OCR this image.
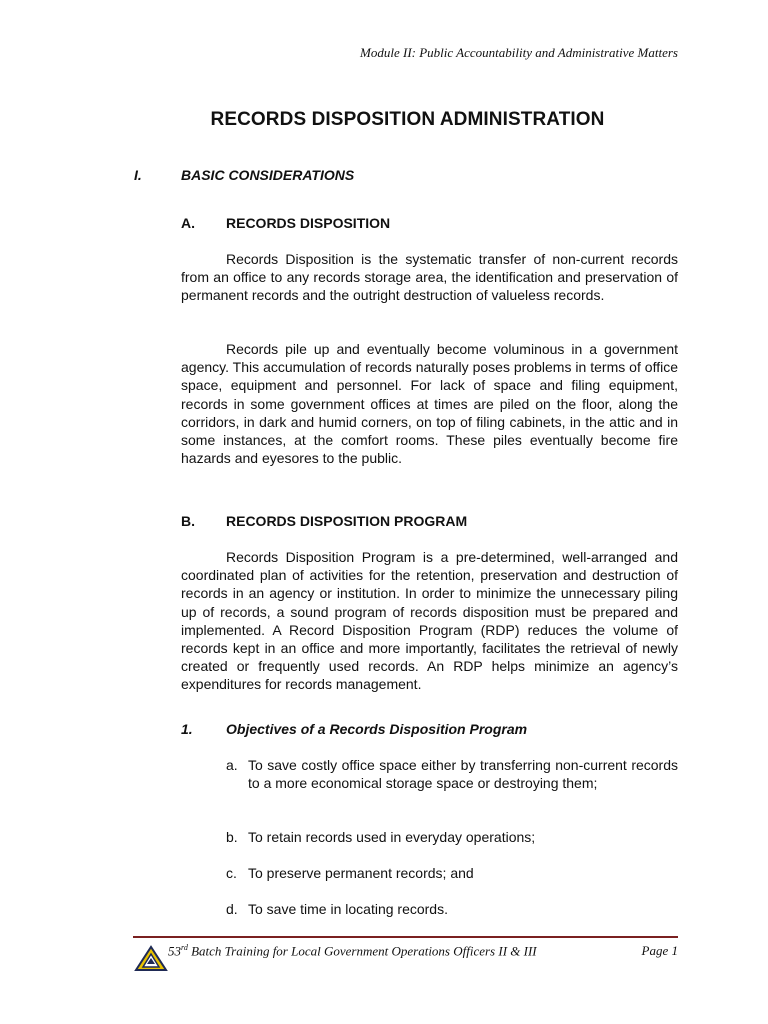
Module II: Public Accountability and Administrative Matters
RECORDS DISPOSITION ADMINISTRATION
I.	BASIC CONSIDERATIONS
A. RECORDS DISPOSITION
Records Disposition is the systematic transfer of non-current records from an office to any records storage area, the identification and preservation of permanent records and the outright destruction of valueless records.
Records pile up and eventually become voluminous in a government agency. This accumulation of records naturally poses problems in terms of office space, equipment and personnel. For lack of space and filing equipment, records in some government offices at times are piled on the floor, along the corridors, in dark and humid corners, on top of filing cabinets, in the attic and in some instances, at the comfort rooms. These piles eventually become fire hazards and eyesores to the public.
B. RECORDS DISPOSITION PROGRAM
Records Disposition Program is a pre-determined, well-arranged and coordinated plan of activities for the retention, preservation and destruction of records in an agency or institution. In order to minimize the unnecessary piling up of records, a sound program of records disposition must be prepared and implemented. A Record Disposition Program (RDP) reduces the volume of records kept in an office and more importantly, facilitates the retrieval of newly created or frequently used records. An RDP helps minimize an agency’s expenditures for records management.
1. Objectives of a Records Disposition Program
a. To save costly office space either by transferring non-current records to a more economical storage space or destroying them;
b. To retain records used in everyday operations;
c. To preserve permanent records; and
d. To save time in locating records.
53rd Batch Training for Local Government Operations Officers II & III	Page 1
